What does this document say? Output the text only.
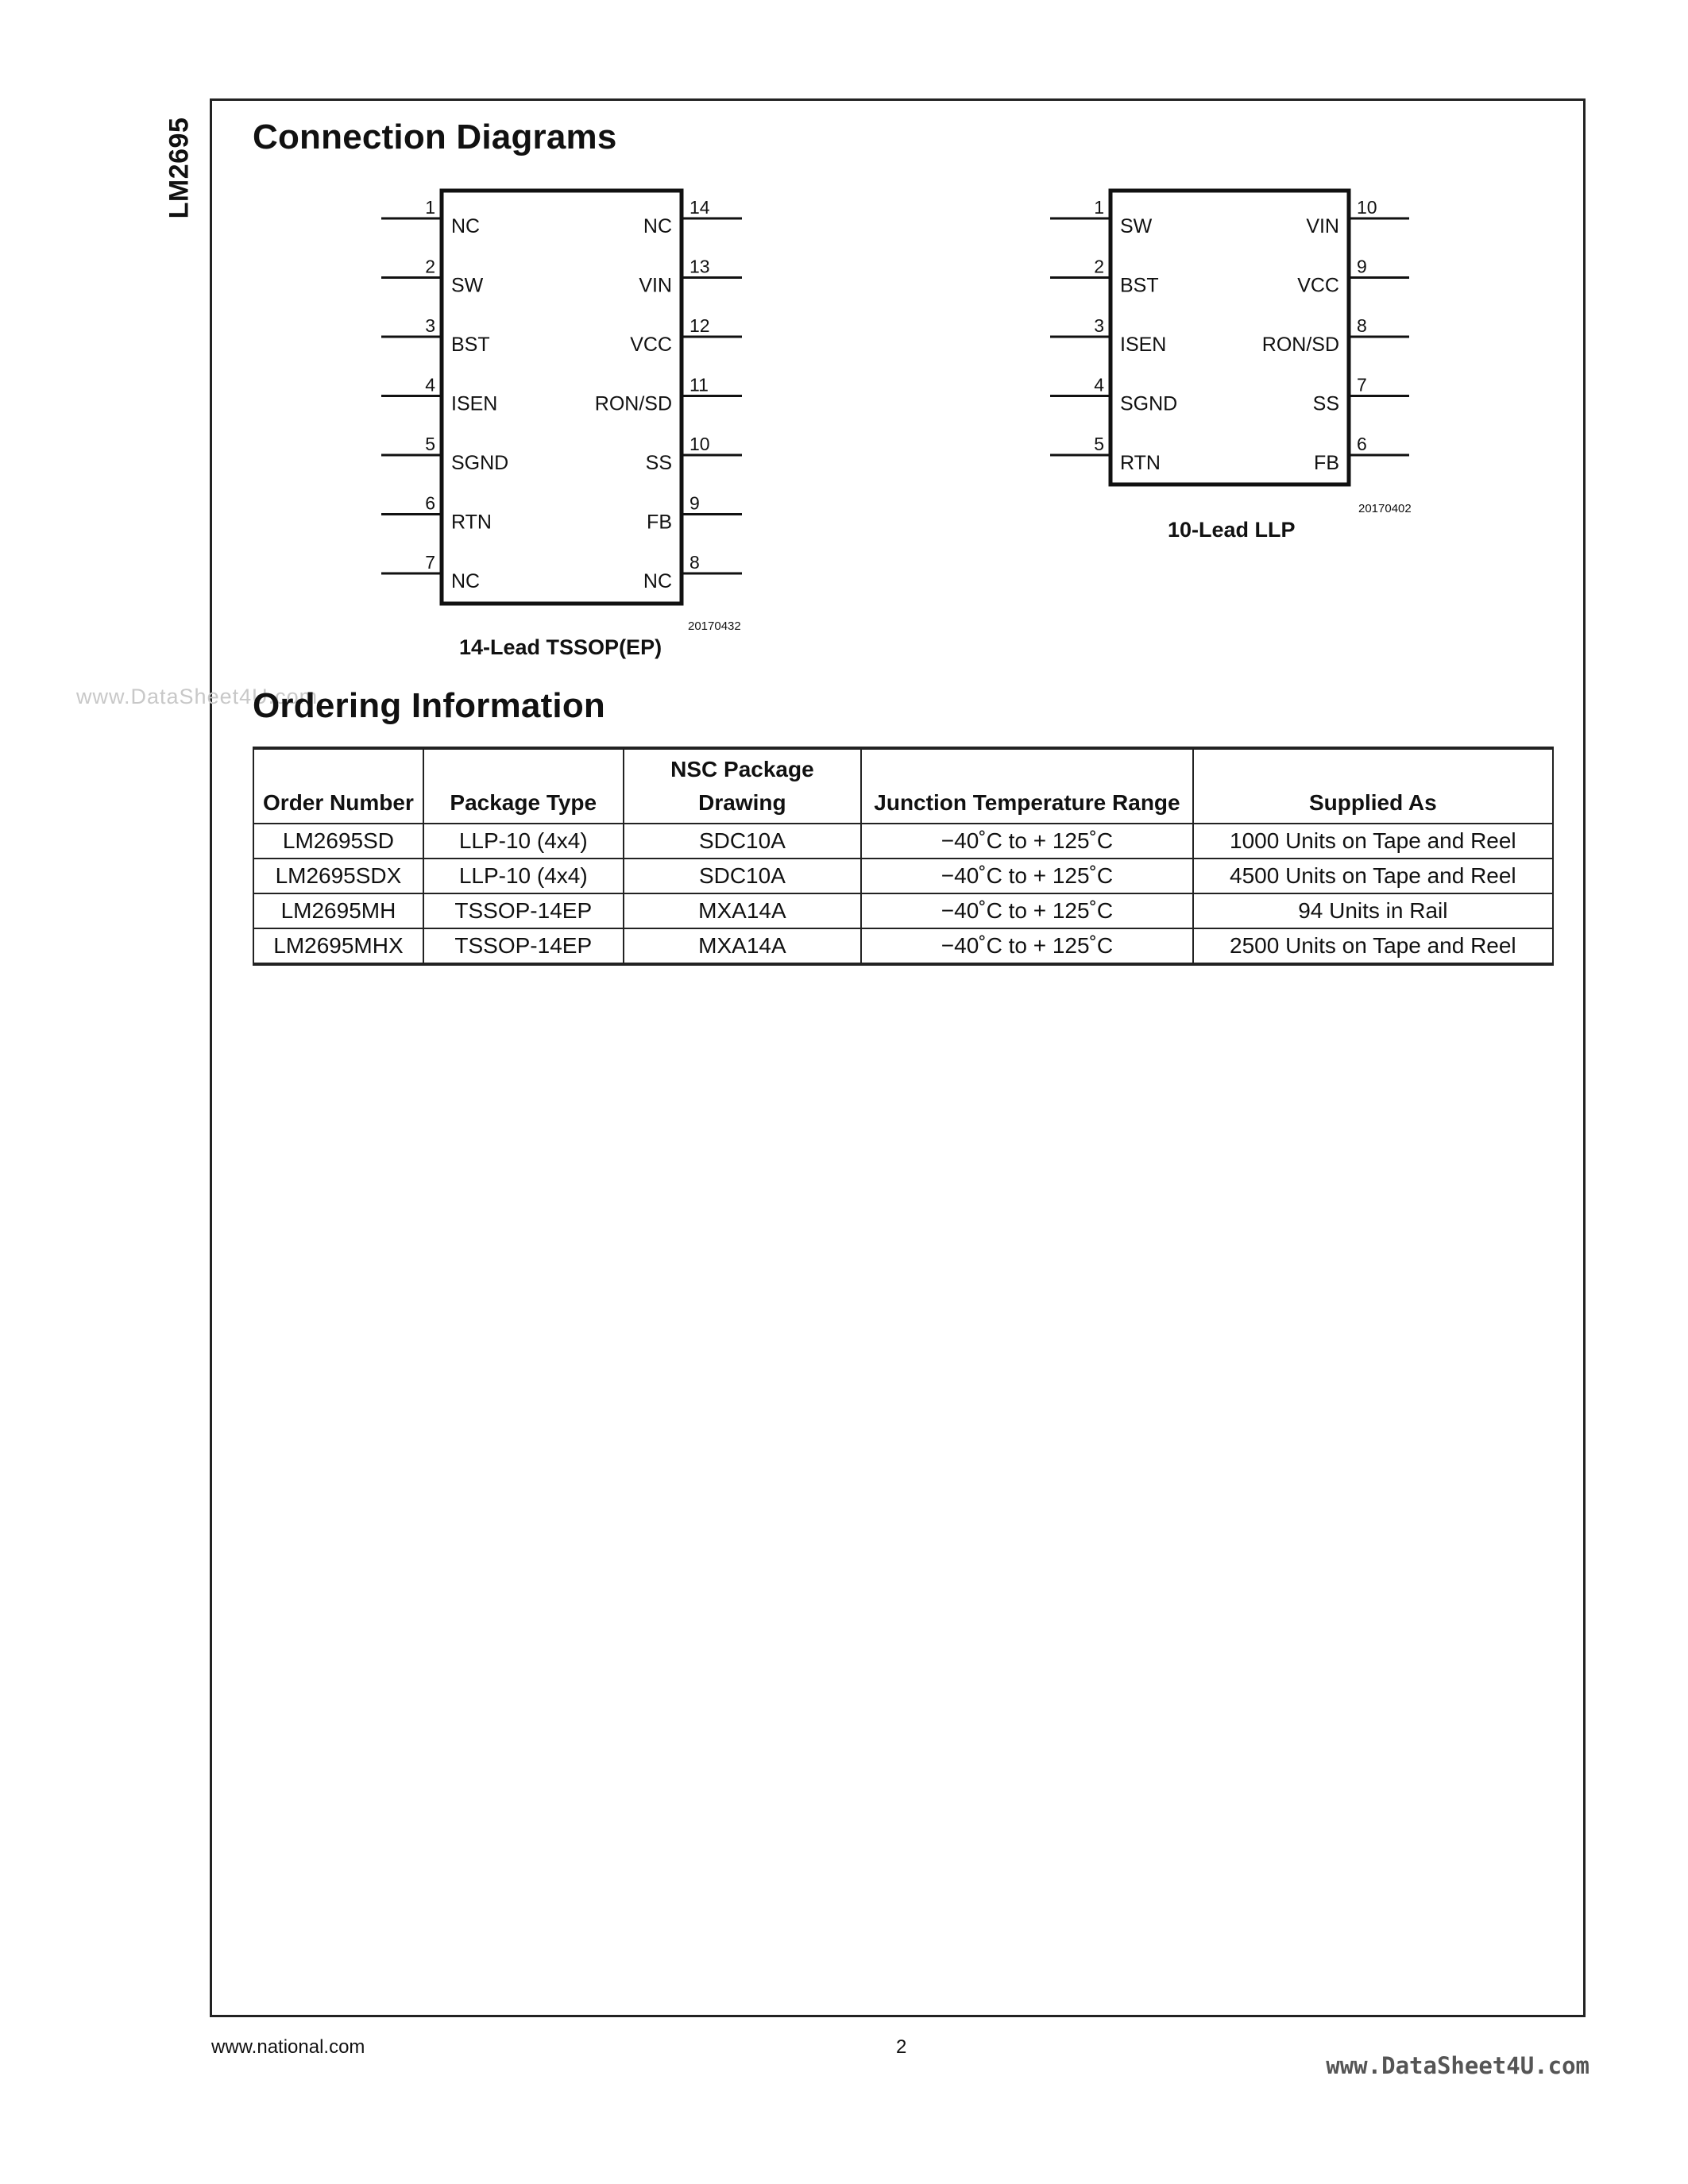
LM2695 Connection Diagrams
1
NC
2
SW
3
BST
4
ISEN
5
SGND
6
RTN
7
NC
14
NC
13
VIN
12
VCC
11
RON/SD
10
SS
9
FB
8
NC
20170432
14-Lead TSSOP(EP)
1
SW
2
BST
3
ISEN
4
SGND
5
RTN
10
VIN
9
VCC
8
RON/SD
7
SS
6
FB
20170402
10-Lead LLP
www.DataSheet4U.com
Ordering Information
Order Number	Package Type	NSC Package Drawing	Junction Temperature Range	Supplied As
LM2695SD	LLP-10 (4x4)	SDC10A	−40˚C to + 125˚C	1000 Units on Tape and Reel
LM2695SDX	LLP-10 (4x4)	SDC10A	−40˚C to + 125˚C	4500 Units on Tape and Reel
LM2695MH	TSSOP-14EP	MXA14A	−40˚C to + 125˚C	94 Units in Rail
LM2695MHX	TSSOP-14EP	MXA14A	−40˚C to + 125˚C	2500 Units on Tape and Reel
www.national.com	2
www.DataSheet4U.com
